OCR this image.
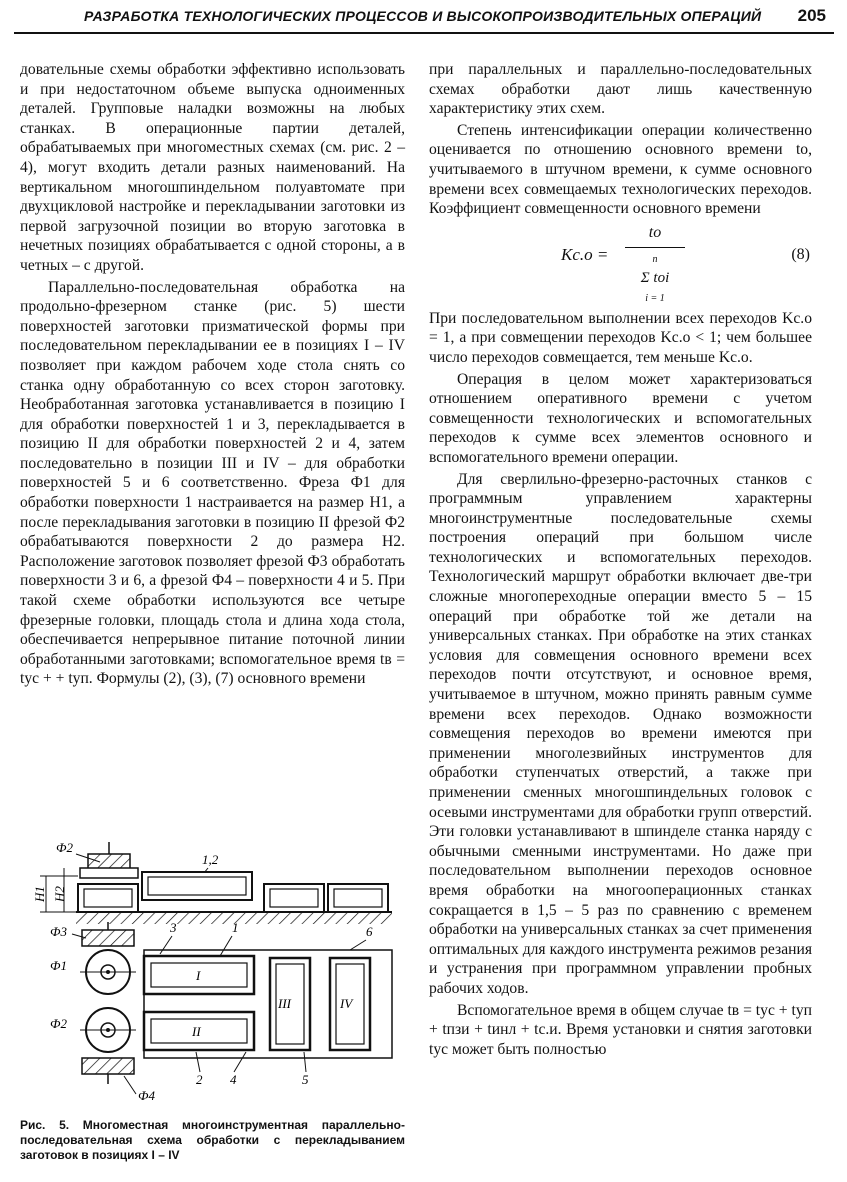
РАЗРАБОТКА ТЕХНОЛОГИЧЕСКИХ ПРОЦЕССОВ И ВЫСОКОПРОИЗВОДИТЕЛЬНЫХ ОПЕРАЦИЙ 205

довательные схемы обработки эффективно использовать и при недостаточном объеме выпуска одноименных деталей. Групповые наладки возможны на любых станках. В операционные партии деталей, обрабатываемых при многоместных схемах (см. рис. 2 – 4), могут входить детали разных наименований. На вертикальном многошпиндельном полуавтомате при двухцикловой настройке и перекладывании заготовки из первой загрузочной позиции во вторую заготовка в нечетных позициях обрабатывается с одной стороны, а в четных – с другой.

Параллельно-последовательная обработка на продольно-фрезерном станке (рис. 5) шести поверхностей заготовки призматической формы при последовательном перекладывании ее в позициях I – IV позволяет при каждом рабочем ходе стола снять со станка одну обработанную со всех сторон заготовку. Необработанная заготовка устанавливается в позицию I для обработки поверхностей 1 и 3, перекладывается в позицию II для обработки поверхностей 2 и 4, затем последовательно в позиции III и IV – для обработки поверхностей 5 и 6 соответственно. Фреза Ф1 для обработки поверхности 1 настраивается на размер H1, а после перекладывания заготовки в позицию II фрезой Ф2 обрабатываются поверхности 2 до размера H2. Расположение заготовок позволяет фрезой Ф3 обработать поверхности 3 и 6, а фрезой Ф4 – поверхности 4 и 5. При такой схеме обработки используются все четыре фрезерные головки, площадь стола и длина хода стола, обеспечивается непрерывное питание поточной линии обработанными заготовками; вспомогательное время tв = tус + + tуп. Формулы (2), (3), (7) основного времени

Ф2
1,2
H1 H2
Ф3	3	1	6
Ф1
Ф2
I
II
III	IV
Ф4
2 4	5
Рис. 5. Многоместная многоинструментная параллельно-последовательная схема обработки с перекладыванием заготовок в позициях I – IV

при параллельных и параллельно-последовательных схемах обработки дают лишь качественную характеристику этих схем.

Степень интенсификации операции количественно оценивается по отношению основного времени to, учитываемого в штучном времени, к сумме основного времени всех совмещаемых технологических переходов. Коэффициент совмещенности основного времени

Kс.о =
to
n
Σ toi
i = 1
(8)

При последовательном выполнении всех переходов Kс.о = 1, а при совмещении переходов Kс.о < 1; чем большее число переходов совмещается, тем меньше Kс.о.

Операция в целом может характеризоваться отношением оперативного времени с учетом совмещенности технологических и вспомогательных переходов к сумме всех элементов основного и вспомогательного времени операции.

Для сверлильно-фрезерно-расточных станков с программным управлением характерны многоинструментные последовательные схемы построения операций при большом числе технологических и вспомогательных переходов. Технологический маршрут обработки включает две-три сложные многопереходные операции вместо 5 – 15 операций при обработке той же детали на универсальных станках. При обработке на этих станках условия для совмещения основного времени всех переходов почти отсутствуют, и основное время, учитываемое в штучном, можно принять равным сумме времени всех переходов. Однако возможности совмещения переходов во времени имеются при применении многолезвийных инструментов для обработки ступенчатых отверстий, а также при применении сменных многошпиндельных головок с осевыми инструментами для обработки групп отверстий. Эти головки устанавливают в шпинделе станка наряду с обычными сменными инструментами. Но даже при последовательном выполнении переходов основное время обработки на многооперационных станках сокращается в 1,5 – 5 раз по сравнению с временем обработки на универсальных станках за счет применения оптимальных для каждого инструмента режимов резания и устранения при программном управлении пробных рабочих ходов.

Вспомогательное время в общем случае tв = tус + tуп + tпзи + tинл + tс.и. Время установки и снятия заготовки tус может быть полностью
